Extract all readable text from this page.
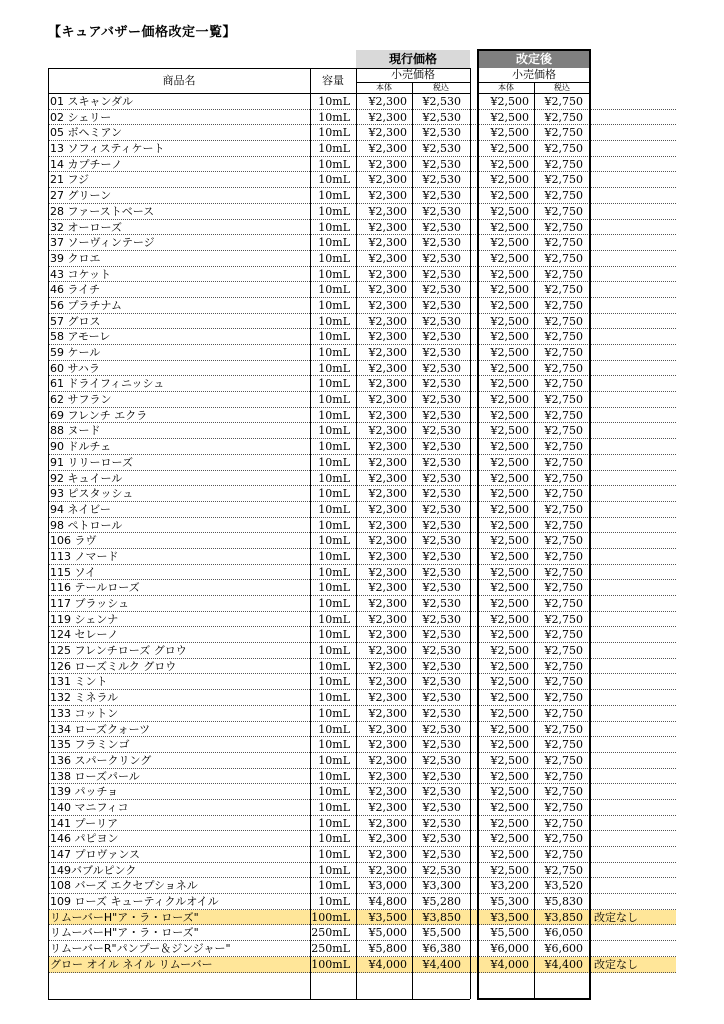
【キュアバザー価格改定一覧】
現行価格	改定後
商品名	容量	小売価格
本体	税込
小売価格
本体	税込
01 スキャンダル	10mL	¥2,300	¥2,530	¥2,500	¥2,750
02 シェリー	10mL	¥2,300	¥2,530	¥2,500	¥2,750
05 ボヘミアン	10mL	¥2,300	¥2,530	¥2,500	¥2,750
13 ソフィスティケート	10mL	¥2,300	¥2,530	¥2,500	¥2,750
14 カプチーノ	10mL	¥2,300	¥2,530	¥2,500	¥2,750
21 フジ	10mL	¥2,300	¥2,530	¥2,500	¥2,750
27 グリーン	10mL	¥2,300	¥2,530	¥2,500	¥2,750
28 ファーストベース	10mL	¥2,300	¥2,530	¥2,500	¥2,750
32 オーローズ	10mL	¥2,300	¥2,530	¥2,500	¥2,750
37 ソーヴィンテージ	10mL	¥2,300	¥2,530	¥2,500	¥2,750
39 クロエ	10mL	¥2,300	¥2,530	¥2,500	¥2,750
43 コケット	10mL	¥2,300	¥2,530	¥2,500	¥2,750
46 ライチ	10mL	¥2,300	¥2,530	¥2,500	¥2,750
56 プラチナム	10mL	¥2,300	¥2,530	¥2,500	¥2,750
57 グロス	10mL	¥2,300	¥2,530	¥2,500	¥2,750
58 アモーレ	10mL	¥2,300	¥2,530	¥2,500	¥2,750
59 ケール	10mL	¥2,300	¥2,530	¥2,500	¥2,750
60 サハラ	10mL	¥2,300	¥2,530	¥2,500	¥2,750
61 ドライフィニッシュ	10mL	¥2,300	¥2,530	¥2,500	¥2,750
62 サフラン	10mL	¥2,300	¥2,530	¥2,500	¥2,750
69 フレンチ エクラ	10mL	¥2,300	¥2,530	¥2,500	¥2,750
88 ヌード	10mL	¥2,300	¥2,530	¥2,500	¥2,750
90 ドルチェ	10mL	¥2,300	¥2,530	¥2,500	¥2,750
91 リリーローズ	10mL	¥2,300	¥2,530	¥2,500	¥2,750
92 キュイール	10mL	¥2,300	¥2,530	¥2,500	¥2,750
93 ピスタッシュ	10mL	¥2,300	¥2,530	¥2,500	¥2,750
94 ネイビー	10mL	¥2,300	¥2,530	¥2,500	¥2,750
98 ペトロール	10mL	¥2,300	¥2,530	¥2,500	¥2,750
106 ラヴ	10mL	¥2,300	¥2,530	¥2,500	¥2,750
113 ノマード	10mL	¥2,300	¥2,530	¥2,500	¥2,750
115 ソイ	10mL	¥2,300	¥2,530	¥2,500	¥2,750
116 テールローズ	10mL	¥2,300	¥2,530	¥2,500	¥2,750
117 ブラッシュ	10mL	¥2,300	¥2,530	¥2,500	¥2,750
119 シェンナ	10mL	¥2,300	¥2,530	¥2,500	¥2,750
124 セレーノ	10mL	¥2,300	¥2,530	¥2,500	¥2,750
125 フレンチローズ グロウ	10mL	¥2,300	¥2,530	¥2,500	¥2,750
126 ローズミルク グロウ	10mL	¥2,300	¥2,530	¥2,500	¥2,750
131 ミント	10mL	¥2,300	¥2,530	¥2,500	¥2,750
132 ミネラル	10mL	¥2,300	¥2,530	¥2,500	¥2,750
133 コットン	10mL	¥2,300	¥2,530	¥2,500	¥2,750
134 ローズクォーツ	10mL	¥2,300	¥2,530	¥2,500	¥2,750
135 フラミンゴ	10mL	¥2,300	¥2,530	¥2,500	¥2,750
136 スパークリング	10mL	¥2,300	¥2,530	¥2,500	¥2,750
138 ローズパール	10mL	¥2,300	¥2,530	¥2,500	¥2,750
139 パッチョ	10mL	¥2,300	¥2,530	¥2,500	¥2,750
140 マニフィコ	10mL	¥2,300	¥2,530	¥2,500	¥2,750
141 プーリア	10mL	¥2,300	¥2,530	¥2,500	¥2,750
146 パピヨン	10mL	¥2,300	¥2,530	¥2,500	¥2,750
147 プロヴァンス	10mL	¥2,300	¥2,530	¥2,500	¥2,750
149バブルピンク	10mL	¥2,300	¥2,530	¥2,500	¥2,750
108 バーズ エクセプショネル	10mL	¥3,000	¥3,300	¥3,200	¥3,520
109 ローズ キューティクルオイル	10mL	¥4,800	¥5,280	¥5,300	¥5,830
リムーバーH"ア・ラ・ローズ"	100mL	¥3,500	¥3,850	¥3,500	¥3,850 改定なし
リムーバーH"ア・ラ・ローズ"	250mL	¥5,000	¥5,500	¥5,500	¥6,050
リムーバーR"パンプー＆ジンジャー"	250mL	¥5,800	¥6,380	¥6,000	¥6,600
グロー オイル ネイル リムーバー	100mL	¥4,000	¥4,400	¥4,000	¥4,400 改定なし
